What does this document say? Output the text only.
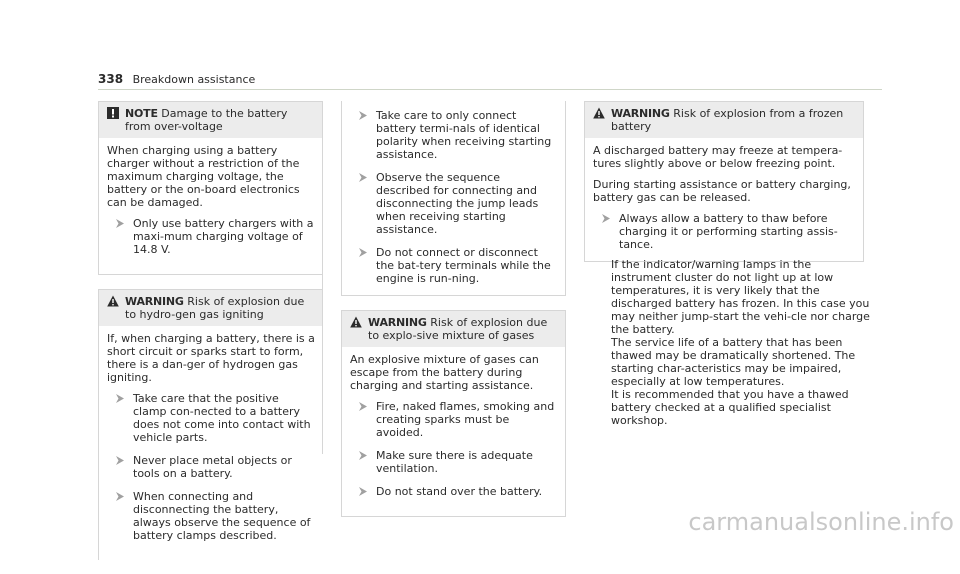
338 Breakdown assistance
NOTE Damage to the battery from over-voltage

When charging using a battery charger without a restriction of the maximum charging voltage, the battery or the on-board electronics can be damaged.

Only use battery chargers with a maxi-mum charging voltage of 14.8 V.
WARNING Risk of explosion due to hydro-gen gas igniting

If, when charging a battery, there is a short circuit or sparks start to form, there is a dan-ger of hydrogen gas igniting.

Take care that the positive clamp con-nected to a battery does not come into contact with vehicle parts.
Never place metal objects or tools on a battery.
When connecting and disconnecting the battery, always observe the sequence of battery clamps described.
Take care to only connect battery termi-nals of identical polarity when receiving starting assistance.
Observe the sequence described for connecting and disconnecting the jump leads when receiving starting assistance.
Do not connect or disconnect the bat-tery terminals while the engine is run-ning.
WARNING Risk of explosion due to explo-sive mixture of gases

An explosive mixture of gases can escape from the battery during charging and starting assistance.

Fire, naked flames, smoking and creating sparks must be avoided.
Make sure there is adequate ventilation.
Do not stand over the battery.
WARNING Risk of explosion from a frozen battery

A discharged battery may freeze at tempera-tures slightly above or below freezing point.

During starting assistance or battery charging, battery gas can be released.

Always allow a battery to thaw before charging it or performing starting assis-tance.

If the indicator/warning lamps in the instrument cluster do not light up at low temperatures, it is very likely that the discharged battery has frozen. In this case you may neither jump-start the vehi-cle nor charge the battery.

The service life of a battery that has been thawed may be dramatically shortened. The starting char-acteristics may be impaired, especially at low temperatures.

It is recommended that you have a thawed battery checked at a qualified specialist workshop.

carmanualsonline.info
